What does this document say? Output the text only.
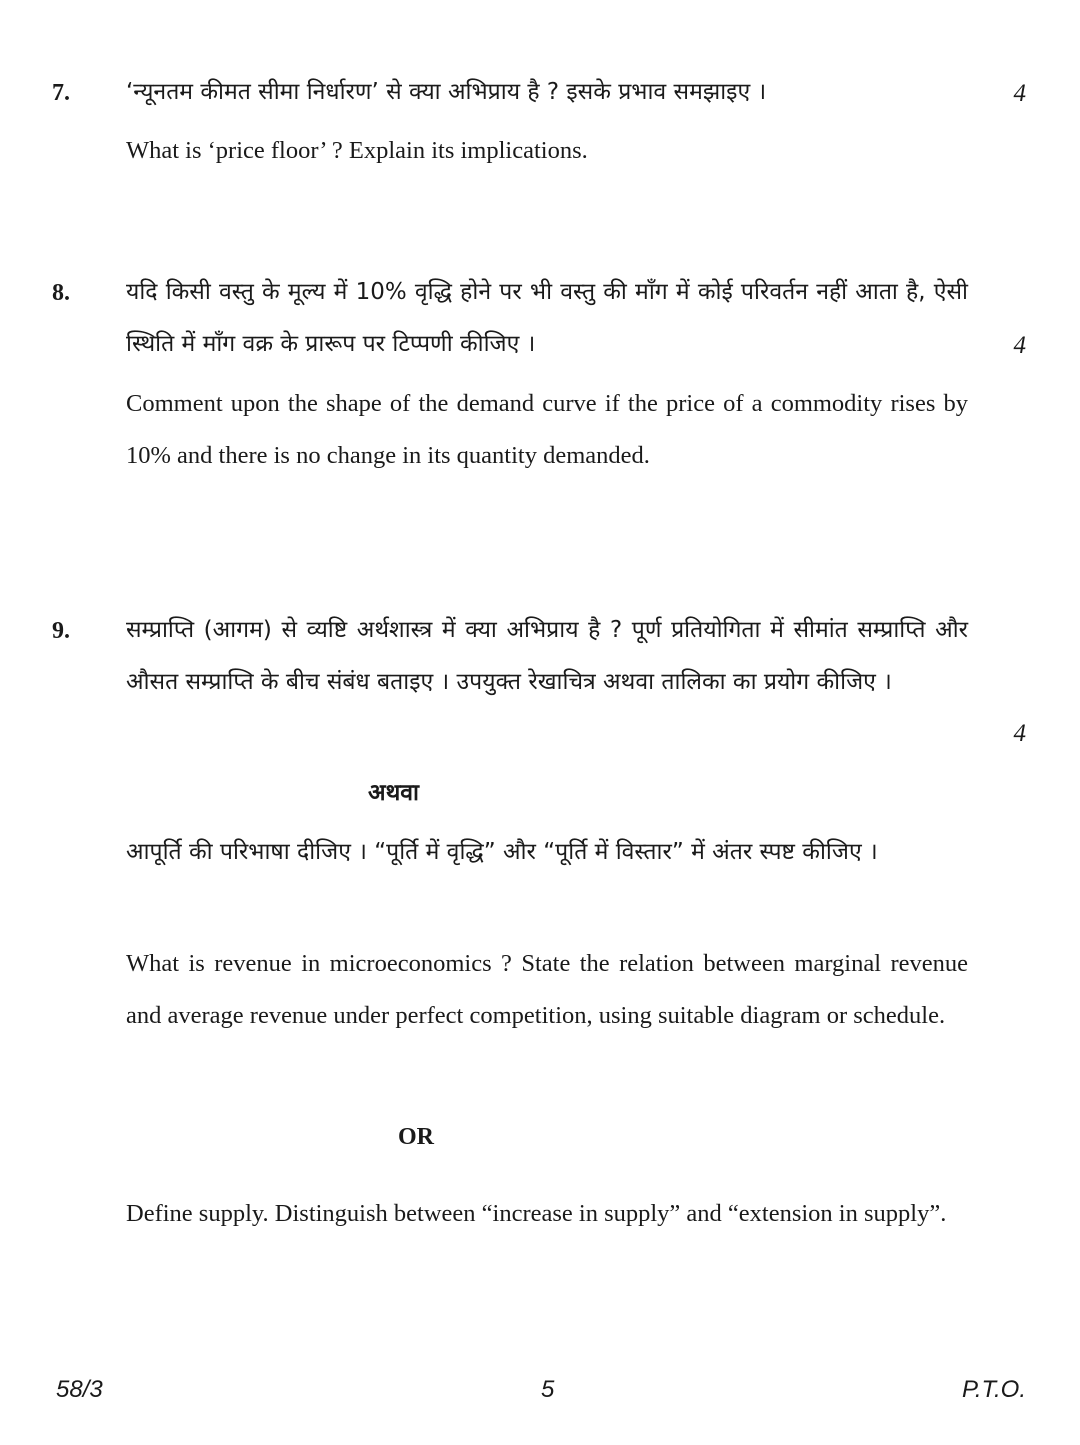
7.	4
‘न्यूनतम कीमत सीमा निर्धारण’ से क्या अभिप्राय है ? इसके प्रभाव समझाइए ।
What is ‘price floor’ ? Explain its implications.
8.
4
यदि किसी वस्तु के मूल्य में 10% वृद्धि होने पर भी वस्तु की माँग में कोई परिवर्तन नहीं आता है, ऐसी स्थिति में माँग वक्र के प्रारूप पर टिप्पणी कीजिए ।
Comment upon the shape of the demand curve if the price of a commodity rises by 10% and there is no change in its quantity demanded.
9.
4
सम्प्राप्ति (आगम) से व्यष्टि अर्थशास्त्र में क्या अभिप्राय है ? पूर्ण प्रतियोगिता में सीमांत सम्प्राप्ति और औसत सम्प्राप्ति के बीच संबंध बताइए । उपयुक्त रेखाचित्र अथवा तालिका का प्रयोग कीजिए ।
अथवा
आपूर्ति की परिभाषा दीजिए । “पूर्ति में वृद्धि” और “पूर्ति में विस्तार” में अंतर स्पष्ट कीजिए ।
What is revenue in microeconomics ? State the relation between marginal revenue and average revenue under perfect competition, using suitable diagram or schedule.
OR
Define supply. Distinguish between “increase in supply” and “extension in supply”.
58/3	5	P.T.O.
